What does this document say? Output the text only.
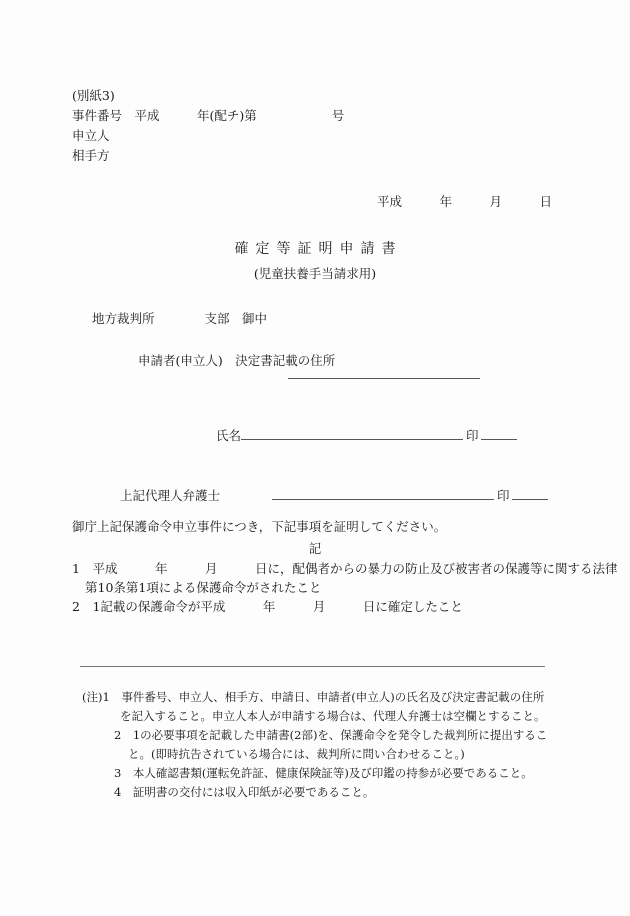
(別紙3)
事件番号　平成　　　年(配チ)第　　　　　　号
申立人
相手方
平成　　　年　　　月　　　日
確定等証明申請書
(児童扶養手当請求用)
地方裁判所　　　　支部　御中
申請者(申立人)　決定書記載の住所
氏名	印
上記代理人弁護士	印
御庁上記保護命令申立事件につき，下記事項を証明してください。
記
1　平成　　　年　　　月　　　日に，配偶者からの暴力の防止及び被害者の保護等に関する法律
第10条第1項による保護命令がされたこと
2　1記載の保護命令が平成　　　年　　　月　　　日に確定したこと
(注)1　 事件番号、申立人、相手方、申請日、申請者(申立人)の氏名及び決定書記載の住所
を記入すること。申立人本人が申請する場合は、代理人弁護士は空欄とすること。
2　 1の必要事項を記載した申請書(2部)を、保護命令を発令した裁判所に提出するこ
と。(即時抗告されている場合には、裁判所に問い合わせること。)
3　 本人確認書類(運転免許証、健康保険証等)及び印鑑の持参が必要であること。
4　 証明書の交付には収入印紙が必要であること。
